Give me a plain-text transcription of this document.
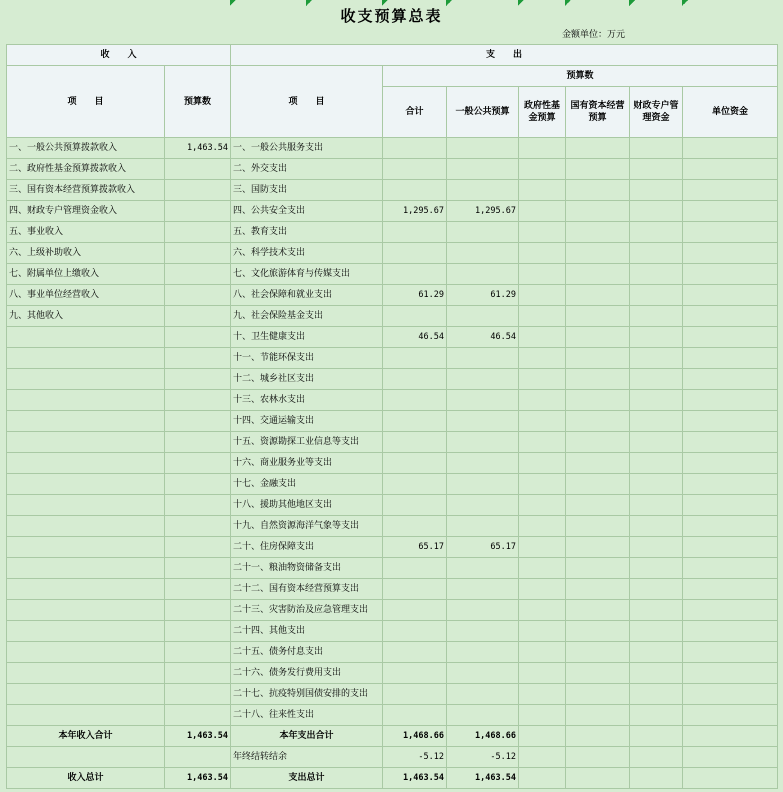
收支预算总表
金额单位：万元
收　　入		支　　出						
项　　目	预算数	项　　目	预算数					
			合计	一般公共预算	政府性基金预算	国有资本经营预算	财政专户管理资金	单位资金

一、一般公共预算拨款收入	1,463.54	一、一般公共服务支出						
二、政府性基金预算拨款收入		二、外交支出						
三、国有资本经营预算拨款收入		三、国防支出						
四、财政专户管理资金收入		四、公共安全支出	1,295.67	1,295.67				
五、事业收入		五、教育支出						
六、上级补助收入		六、科学技术支出						
七、附属单位上缴收入		七、文化旅游体育与传媒支出						
八、事业单位经营收入		八、社会保障和就业支出	61.29	61.29				
九、其他收入		九、社会保险基金支出						
		十、卫生健康支出	46.54	46.54				
		十一、节能环保支出						
		十二、城乡社区支出						
		十三、农林水支出						
		十四、交通运输支出						
		十五、资源勘探工业信息等支出						
		十六、商业服务业等支出						
		十七、金融支出						
		十八、援助其他地区支出						
		十九、自然资源海洋气象等支出						
		二十、住房保障支出	65.17	65.17				
		二十一、粮油物资储备支出						
		二十二、国有资本经营预算支出						
		二十三、灾害防治及应急管理支出						
		二十四、其他支出						
		二十五、债务付息支出						
		二十六、债务发行费用支出						
		二十七、抗疫特别国债安排的支出						
		二十八、往来性支出						
本年收入合计	1,463.54	本年支出合计	1,468.66	1,468.66				
		年终结转结余	-5.12	-5.12				
收入总计	1,463.54	支出总计	1,463.54	1,463.54				
